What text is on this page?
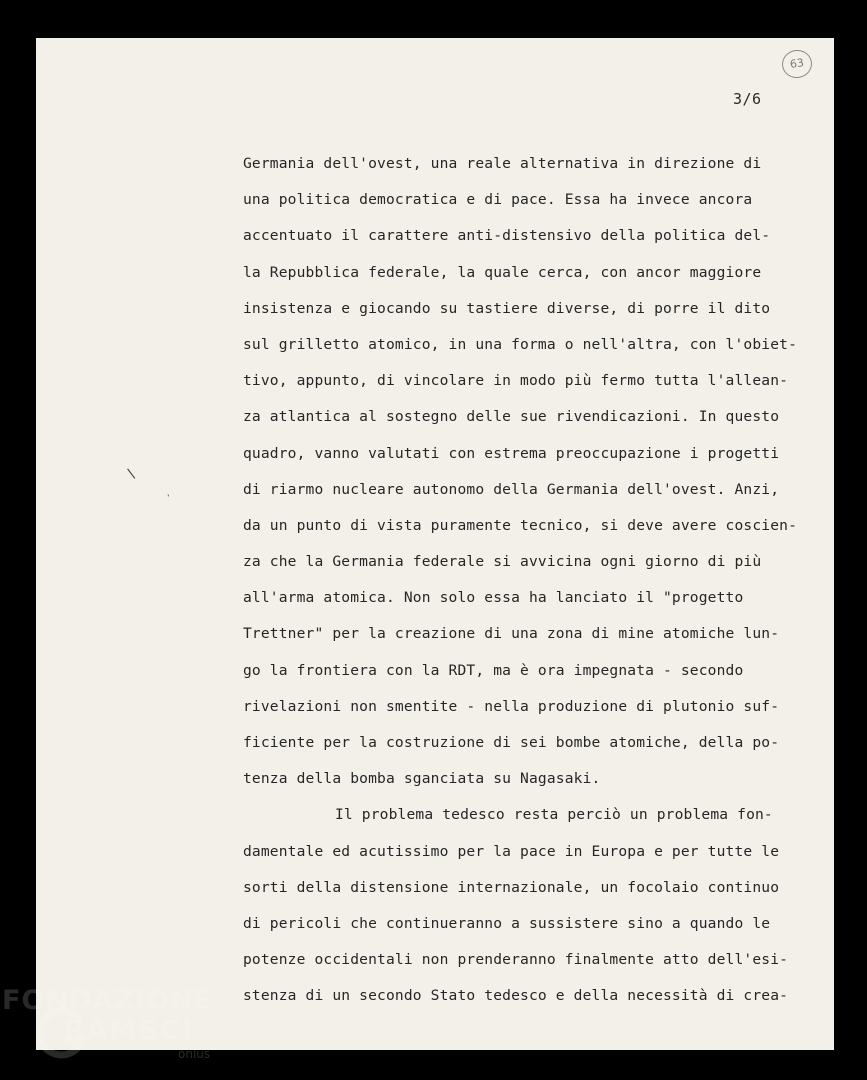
63
3/6
Germania dell'ovest, una reale alternativa in direzione di
una politica democratica e di pace. Essa ha invece ancora
accentuato il carattere anti-distensivo della politica del-
la Repubblica federale, la quale cerca, con ancor maggiore
insistenza e giocando su tastiere diverse, di porre il dito
sul grilletto atomico, in una forma o nell'altra, con l'obiet-
tivo, appunto, di vincolare in modo più fermo tutta l'allean-
za atlantica al sostegno delle sue rivendicazioni. In questo
quadro, vanno valutati con estrema preoccupazione i progetti
di riarmo nucleare autonomo della Germania dell'ovest. Anzi,
da un punto di vista puramente tecnico, si deve avere coscien-
za che la Germania federale si avvicina ogni giorno di più
all'arma atomica. Non solo essa ha lanciato il "progetto
Trettner" per la creazione di una zona di mine atomiche lun-
go la frontiera con la RDT, ma è ora impegnata - secondo
rivelazioni non smentite - nella produzione di plutonio suf-
ficiente per la costruzione di sei bombe atomiche, della po-
tenza della bomba sganciata su Nagasaki.
Il problema tedesco resta perciò un problema fon-
damentale ed acutissimo per la pace in Europa e per tutte le
sorti della distensione internazionale, un focolaio continuo
di pericoli che continueranno a sussistere sino a quando le
potenze occidentali non prenderanno finalmente atto dell'esi-
stenza di un secondo Stato tedesco e della necessità di crea-
\
'
FONDAZIONE
RAMSCI
onlus
